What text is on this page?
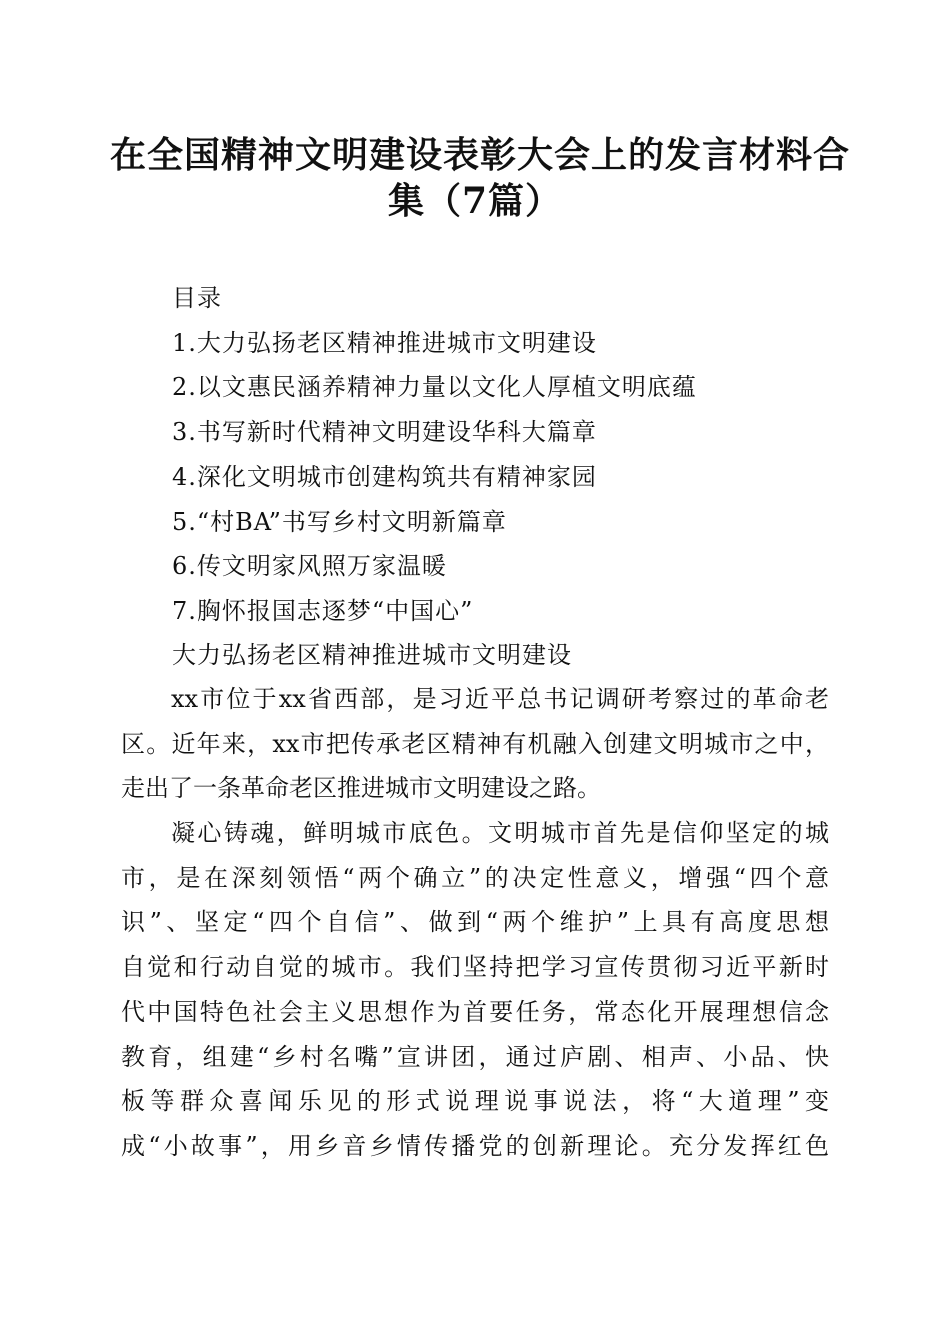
在全国精神文明建设表彰大会上的发言材料合
集（7篇）
目录
1.大力弘扬老区精神推进城市文明建设
2.以文惠民涵养精神力量以文化人厚植文明底蕴
3.书写新时代精神文明建设华科大篇章
4.深化文明城市创建构筑共有精神家园
5.“村BA”书写乡村文明新篇章
6.传文明家风照万家温暖
7.胸怀报国志逐梦“中国心”
大力弘扬老区精神推进城市文明建设
xx市位于xx省西部，是习近平总书记调研考察过的革命老
区。近年来，xx市把传承老区精神有机融入创建文明城市之中，
走出了一条革命老区推进城市文明建设之路。
凝心铸魂，鲜明城市底色。文明城市首先是信仰坚定的城
市，是在深刻领悟“两个确立”的决定性意义，增强“四个意
识”、坚定“四个自信”、做到“两个维护”上具有高度思想
自觉和行动自觉的城市。我们坚持把学习宣传贯彻习近平新时
代中国特色社会主义思想作为首要任务，常态化开展理想信念
教育，组建“乡村名嘴”宣讲团，通过庐剧、相声、小品、快
板等群众喜闻乐见的形式说理说事说法，将“大道理”变
成“小故事”，用乡音乡情传播党的创新理论。充分发挥红色
